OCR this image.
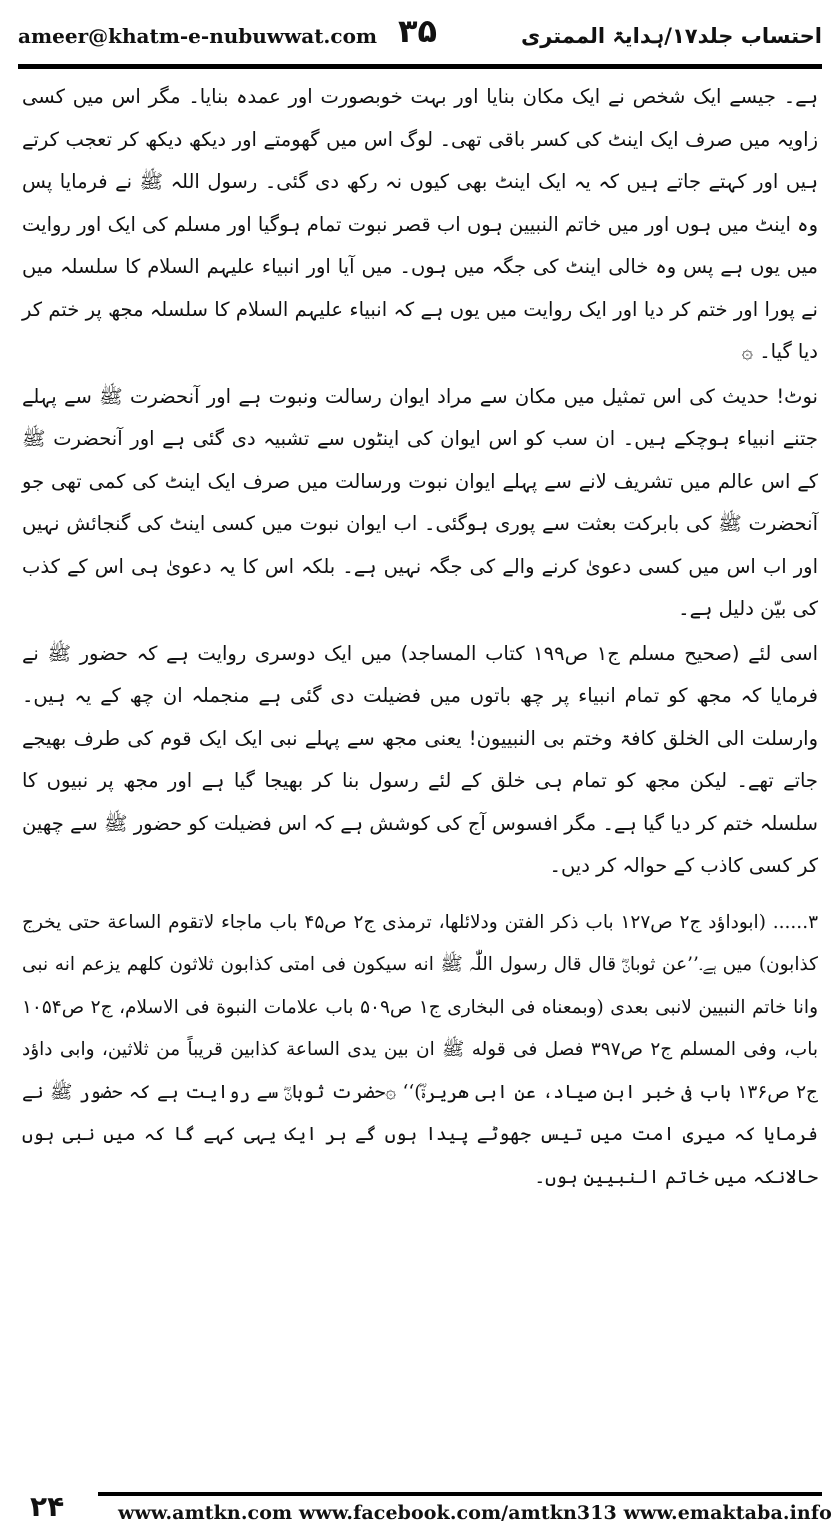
ameer@khatm-e-nubuwwat.com ۳۵	احتساب جلد۱۷/ہدایۃ الممتری

ہے۔ جیسے ایک شخص نے ایک مکان بنایا اور بہت خوبصورت اور عمدہ بنایا۔ مگر اس میں کسی زاویہ میں صرف ایک اینٹ کی کسر باقی تھی۔ لوگ اس میں گھومتے اور دیکھ دیکھ کر تعجب کرتے ہیں اور کہتے جاتے ہیں کہ یہ ایک اینٹ بھی کیوں نہ رکھ دی گئی۔ رسول اللہ ﷺ نے فرمایا پس وہ اینٹ میں ہوں اور میں خاتم النبیین ہوں اب قصر نبوت تمام ہوگیا اور مسلم کی ایک اور روایت میں یوں ہے پس وہ خالی اینٹ کی جگہ میں ہوں۔ میں آیا اور انبیاء علیہم السلام کا سلسلہ میں نے پورا اور ختم کر دیا اور ایک روایت میں یوں ہے کہ انبیاء علیہم السلام کا سلسلہ مجھ پر ختم کر دیا گیا۔ ۞

نوٹ! حدیث کی اس تمثیل میں مکان سے مراد ایوان رسالت ونبوت ہے اور آنحضرت ﷺ سے پہلے جتنے انبیاء ہوچکے ہیں۔ ان سب کو اس ایوان کی اینٹوں سے تشبیہ دی گئی ہے اور آنحضرت ﷺ کے اس عالم میں تشریف لانے سے پہلے ایوان نبوت ورسالت میں صرف ایک اینٹ کی کمی تھی جو آنحضرت ﷺ کی بابرکت بعثت سے پوری ہوگئی۔ اب ایوان نبوت میں کسی اینٹ کی گنجائش نہیں اور اب اس میں کسی دعویٰ کرنے والے کی جگہ نہیں ہے۔ بلکہ اس کا یہ دعویٰ ہی اس کے کذب کی بیّن دلیل ہے۔

اسی لئے (صحیح مسلم ج۱ ص۱۹۹ کتاب المساجد) میں ایک دوسری روایت ہے کہ حضور ﷺ نے فرمایا کہ مجھ کو تمام انبیاء پر چھ باتوں میں فضیلت دی گئی ہے منجملہ ان چھ کے یہ ہیں۔ وارسلت الی الخلق کافۃ وختم بی النبییون! یعنی مجھ سے پہلے نبی ایک ایک قوم کی طرف بھیجے جاتے تھے۔ لیکن مجھ کو تمام ہی خلق کے لئے رسول بنا کر بھیجا گیا ہے اور مجھ پر نبیوں کا سلسلہ ختم کر دیا گیا ہے۔ مگر افسوس آج کی کوشش ہے کہ اس فضیلت کو حضور ﷺ سے چھین کر کسی کاذب کے حوالہ کر دیں۔

۳...... (ابوداؤد ج۲ ص۱۲۷ باب ذکر الفتن ودلائلها، ترمذی ج۲ ص۴۵ باب ماجاء لاتقوم الساعة حتی یخرج کذابون) میں ہے۔’’عن ثوبانؓ قال قال رسول اللّٰہ ﷺ انه سیکون فی امتی کذابون ثلاثون کلهم یزعم انه نبی وانا خاتم النبیین لانبی بعدی (وبمعناه فی البخاری ج۱ ص۵۰۹ باب علامات النبوة فی الاسلام، ج۲ ص۱۰۵۴ باب، وفی المسلم ج۲ ص۳۹۷ فصل فی قوله ﷺ ان بین یدی الساعة کذابین قریباً من ثلاثین، وابی داؤد ج۲ ص۱۳۶ باب فی خبر ابن صیاد، عن ابی هریرةؓ)‘‘ ۞حضرت ثوبانؓ سے روایت ہے کہ حضور ﷺ نے فرمایا کہ میری امت میں تیس جھوٹے پیدا ہوں گے ہر ایک یہی کہے گا کہ میں نبی ہوں حالانکہ میں خاتم النبیین ہوں۔

۲۴	www.amtkn.com www.facebook.com/amtkn313 www.emaktaba.info
